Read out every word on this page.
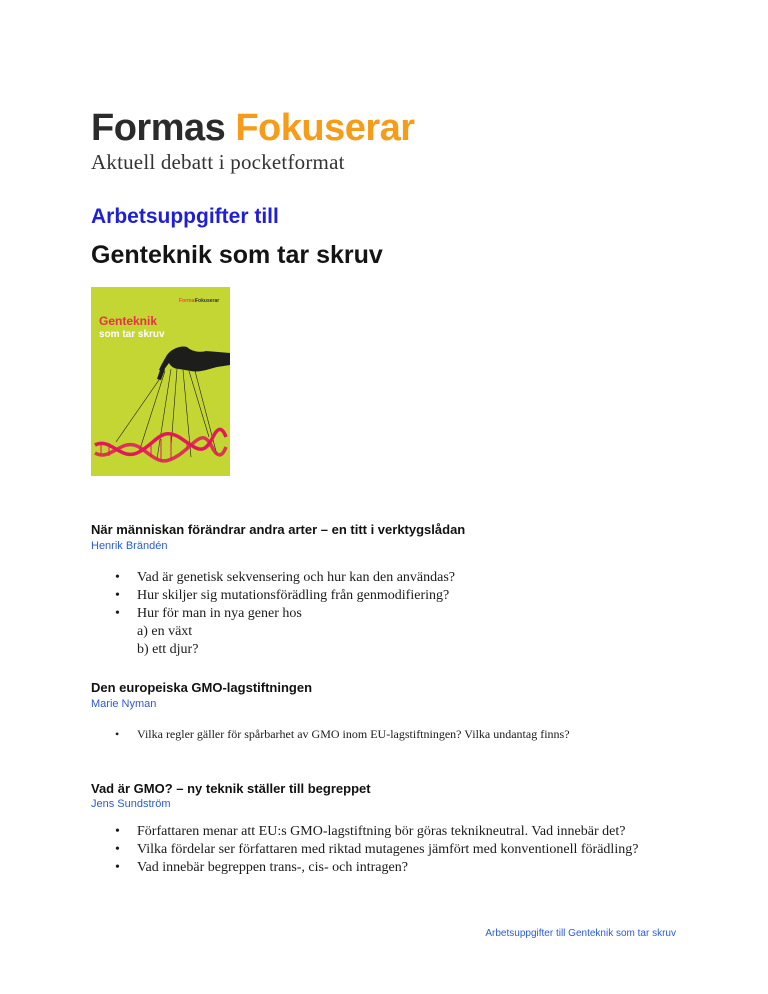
Formas Fokuserar
Aktuell debatt i pocketformat
Arbetsuppgifter till
Genteknik som tar skruv
Formas
Fokuserar
Genteknik
som tar skruv
När människan förändrar andra arter – en titt i verktygslådan
Henrik Brändén
• Vad är genetisk sekvensering och hur kan den användas?
• Hur skiljer sig mutationsförädling från genmodifiering?
• Hur för man in nya gener hos
a) en växt
b) ett djur?
Den europeiska GMO-lagstiftningen
Marie Nyman
• Vilka regler gäller för spårbarhet av GMO inom EU-lagstiftningen? Vilka undantag finns?
Vad är GMO? – ny teknik ställer till begreppet
Jens Sundström
• Författaren menar att EU:s GMO-lagstiftning bör göras teknikneutral. Vad innebär det?
• Vilka fördelar ser författaren med riktad mutagenes jämfört med konventionell förädling?
• Vad innebär begreppen trans-, cis- och intragen?
Arbetsuppgifter till Genteknik som tar skruv
